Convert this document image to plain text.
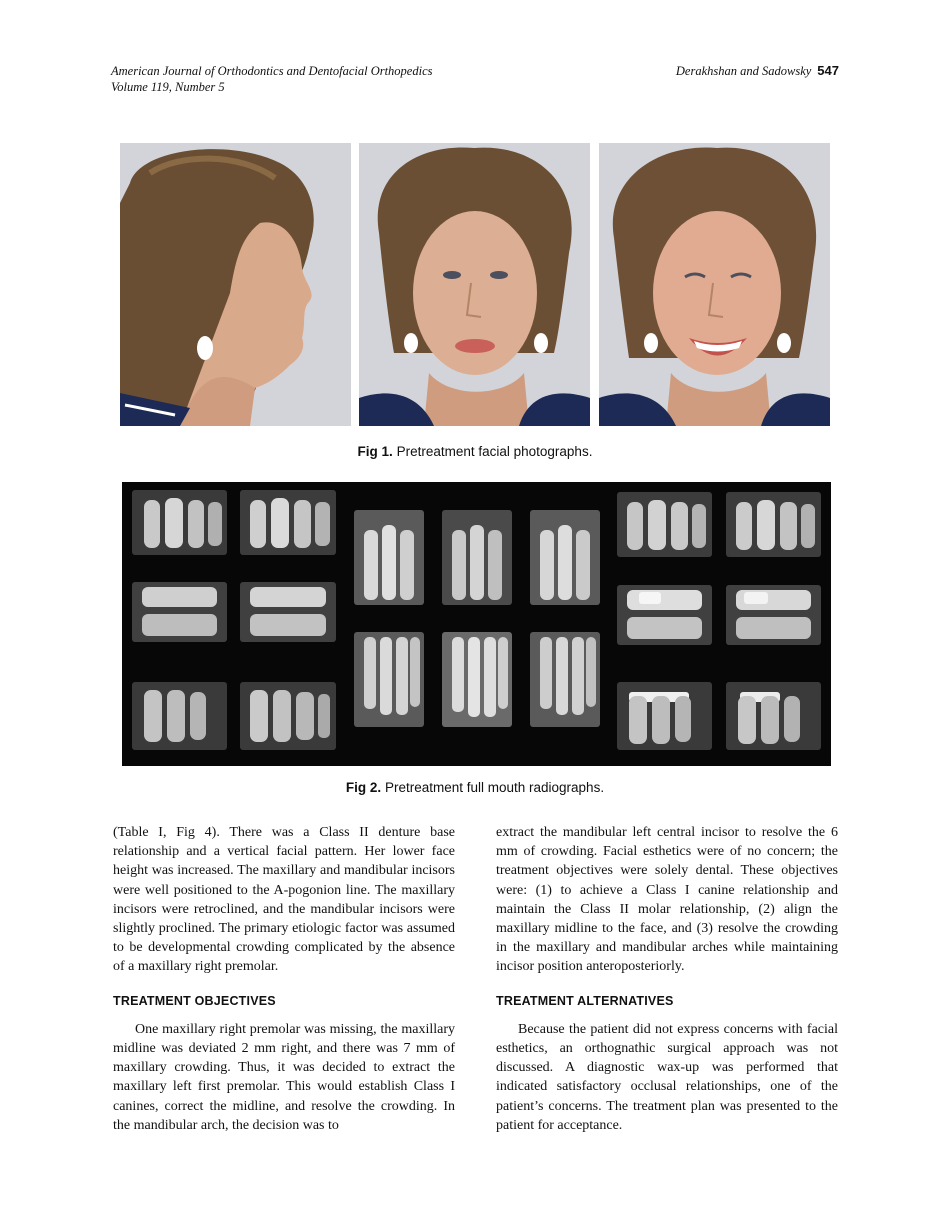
American Journal of Orthodontics and Dentofacial Orthopedics
Volume 119, Number 5
Derakhshan and Sadowsky 547
Fig 1. Pretreatment facial photographs.
Fig 2. Pretreatment full mouth radiographs.

(Table I, Fig 4). There was a Class II denture base relationship and a vertical facial pattern. Her lower face height was increased. The maxillary and mandibular incisors were well positioned to the A-pogonion line. The maxillary incisors were retroclined, and the mandibular incisors were slightly proclined. The primary etiologic factor was assumed to be developmental crowding complicated by the absence of a maxillary right premolar.

TREATMENT OBJECTIVES

One maxillary right premolar was missing, the maxillary midline was deviated 2 mm right, and there was 7 mm of maxillary crowding. Thus, it was decided to extract the maxillary left first premolar. This would establish Class I canines, correct the midline, and resolve the crowding. In the mandibular arch, the decision was to

extract the mandibular left central incisor to resolve the 6 mm of crowding. Facial esthetics were of no concern; the treatment objectives were solely dental. These objectives were: (1) to achieve a Class I canine relationship and maintain the Class II molar relationship, (2) align the maxillary midline to the face, and (3) resolve the crowding in the maxillary and mandibular arches while maintaining incisor position anteroposteriorly.

TREATMENT ALTERNATIVES

Because the patient did not express concerns with facial esthetics, an orthognathic surgical approach was not discussed. A diagnostic wax-up was performed that indicated satisfactory occlusal relationships, one of the patient’s concerns. The treatment plan was presented to the patient for acceptance.
